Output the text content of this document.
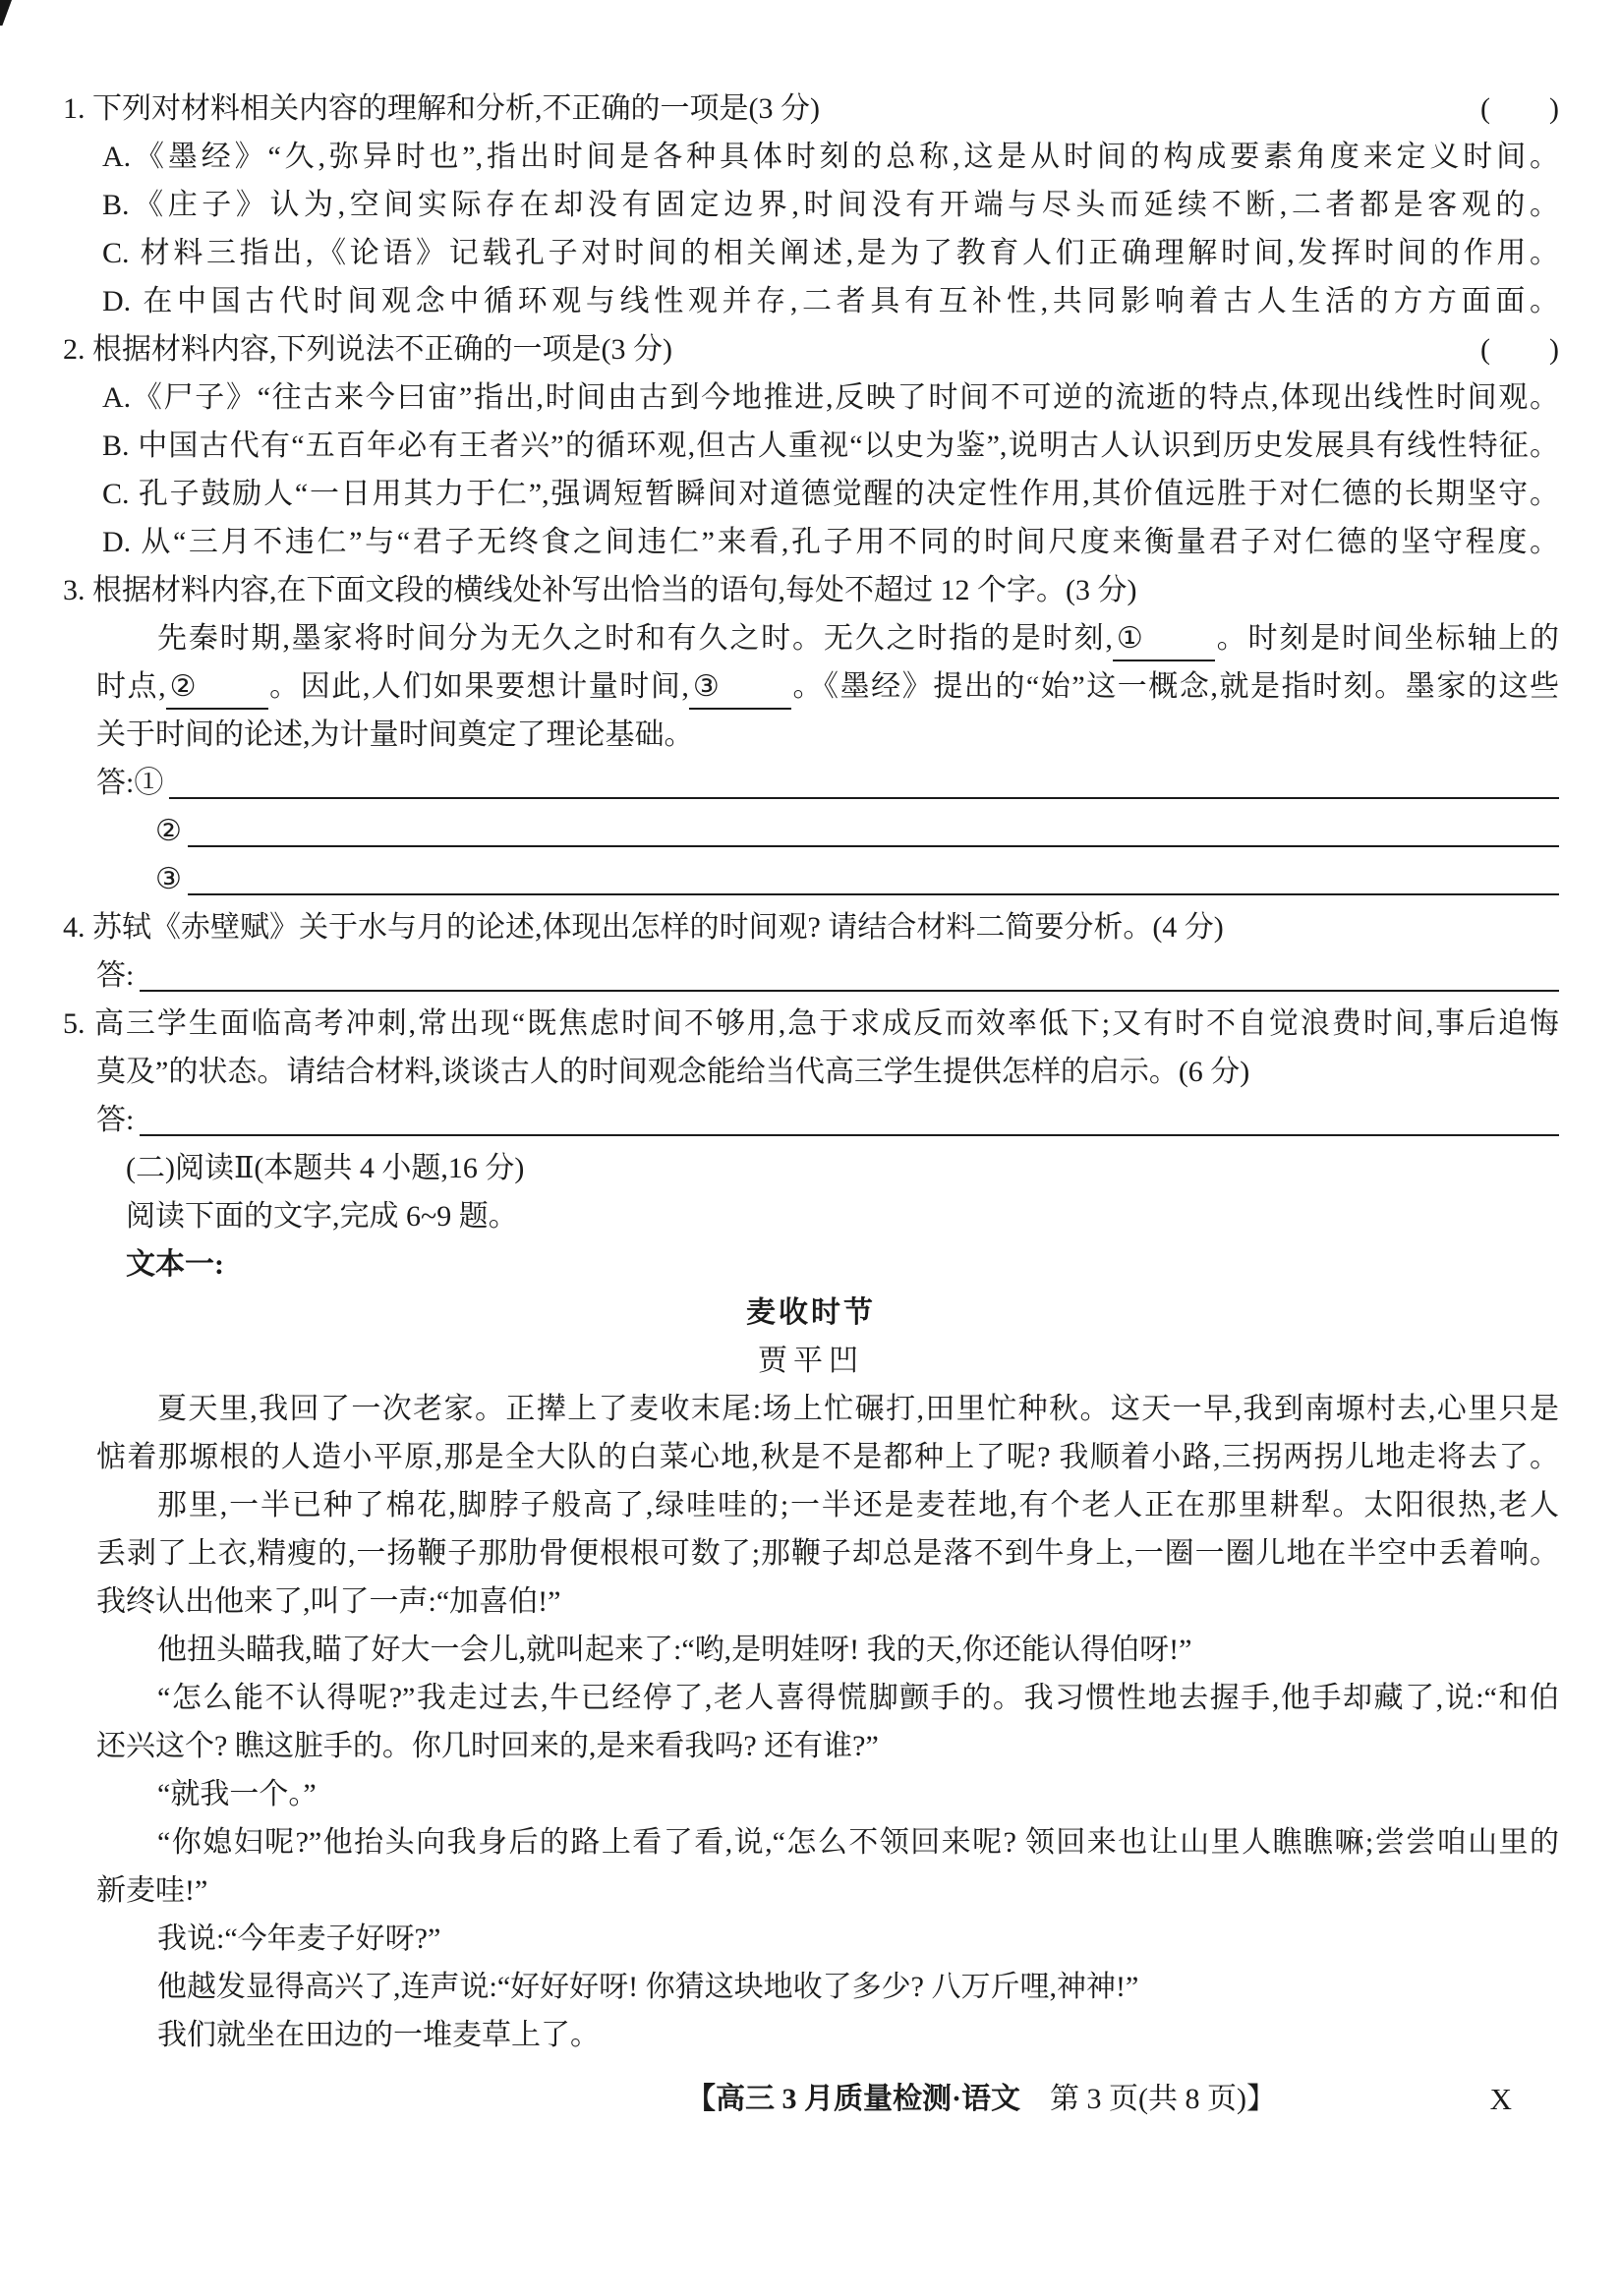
1. 下列对材料相关内容的理解和分析,不正确的一项是(3 分)	(　　)
A.《墨经》“久,弥异时也”,指出时间是各种具体时刻的总称,这是从时间的构成要素角度来定义时间。
B.《庄子》认为,空间实际存在却没有固定边界,时间没有开端与尽头而延续不断,二者都是客观的。
C. 材料三指出,《论语》记载孔子对时间的相关阐述,是为了教育人们正确理解时间,发挥时间的作用。
D. 在中国古代时间观念中循环观与线性观并存,二者具有互补性,共同影响着古人生活的方方面面。
2. 根据材料内容,下列说法不正确的一项是(3 分)	(　　)
A.《尸子》“往古来今曰宙”指出,时间由古到今地推进,反映了时间不可逆的流逝的特点,体现出线性时间观。
B. 中国古代有“五百年必有王者兴”的循环观,但古人重视“以史为鉴”,说明古人认识到历史发展具有线性特征。
C. 孔子鼓励人“一日用其力于仁”,强调短暂瞬间对道德觉醒的决定性作用,其价值远胜于对仁德的长期坚守。
D. 从“三月不违仁”与“君子无终食之间违仁”来看,孔子用不同的时间尺度来衡量君子对仁德的坚守程度。
3. 根据材料内容,在下面文段的横线处补写出恰当的语句,每处不超过 12 个字。(3 分)
先秦时期,墨家将时间分为无久之时和有久之时。无久之时指的是时刻, ① 。时刻是时间坐标轴上的
时点, ② 。因此,人们如果要想计量时间, ③ 。《墨经》提出的“始”这一概念,就是指时刻。墨家的这些
关于时间的论述,为计量时间奠定了理论基础。
答:①
②
③
4. 苏轼《赤壁赋》关于水与月的论述,体现出怎样的时间观? 请结合材料二简要分析。(4 分)
答:
5. 高三学生面临高考冲刺,常出现“既焦虑时间不够用,急于求成反而效率低下;又有时不自觉浪费时间,事后追悔
莫及”的状态。请结合材料,谈谈古人的时间观念能给当代高三学生提供怎样的启示。(6 分)
答:
(二)阅读Ⅱ(本题共 4 小题,16 分)
阅读下面的文字,完成 6~9 题。
文本一:
麦收时节
贾平凹
夏天里,我回了一次老家。正撵上了麦收末尾:场上忙碾打,田里忙种秋。这天一早,我到南塬村去,心里只是
惦着那塬根的人造小平原,那是全大队的白菜心地,秋是不是都种上了呢? 我顺着小路,三拐两拐儿地走将去了。
那里,一半已种了棉花,脚脖子般高了,绿哇哇的;一半还是麦茬地,有个老人正在那里耕犁。太阳很热,老人
丢剥了上衣,精瘦的,一扬鞭子那肋骨便根根可数了;那鞭子却总是落不到牛身上,一圈一圈儿地在半空中丢着响。
我终认出他来了,叫了一声:“加喜伯!”
他扭头瞄我,瞄了好大一会儿,就叫起来了:“哟,是明娃呀! 我的天,你还能认得伯呀!”
“怎么能不认得呢?”我走过去,牛已经停了,老人喜得慌脚颤手的。我习惯性地去握手,他手却藏了,说:“和伯
还兴这个? 瞧这脏手的。你几时回来的,是来看我吗? 还有谁?”
“就我一个。”
“你媳妇呢?”他抬头向我身后的路上看了看,说,“怎么不领回来呢? 领回来也让山里人瞧瞧嘛;尝尝咱山里的
新麦哇!”
我说:“今年麦子好呀?”
他越发显得高兴了,连声说:“好好好呀! 你猜这块地收了多少? 八万斤哩,神神!”
我们就坐在田边的一堆麦草上了。
【高三 3 月质量检测·语文　第 3 页(共 8 页)】	X
